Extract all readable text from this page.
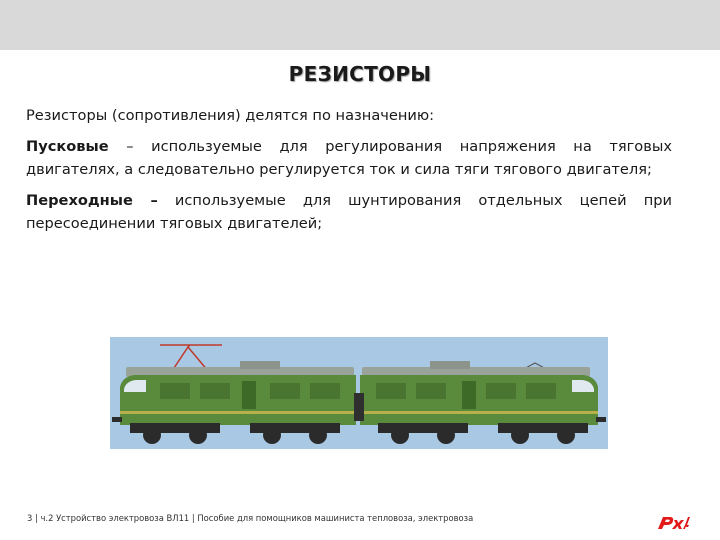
РЕЗИСТОРЫ

Резисторы (сопротивления) делятся по назначению:

Пусковые – используемые для регулирования напряжения на тяговых двигателях, а следовательно регулируется ток и сила тяги тягового двигателя;

Переходные – используемые для шунтирования отдельных цепей при пересоединении тяговых двигателей;

3 | ч.2 Устройство электровоза ВЛ11 | Пособие для помощников машиниста тепловоза, электровоза
